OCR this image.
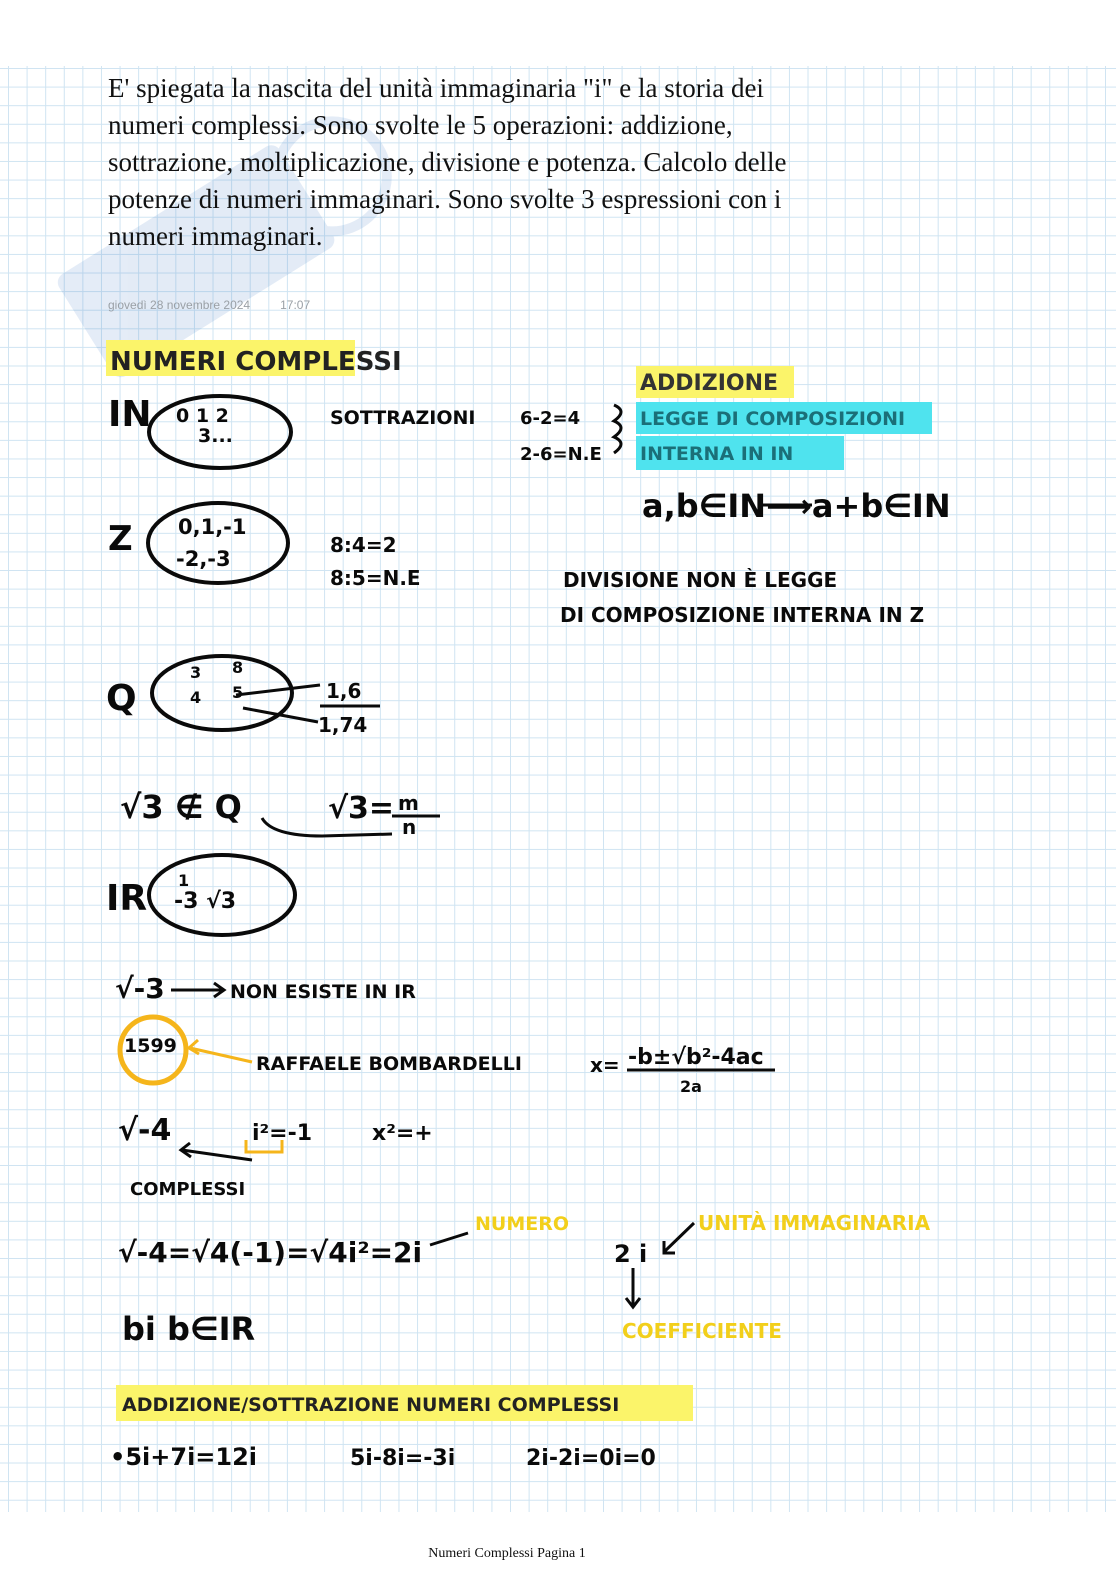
E' spiegata la nascita del unità immaginaria "i" e la storia dei numeri complessi. Sono svolte le 5 operazioni: addizione, sottrazione, moltiplicazione, divisione e potenza. Calcolo delle potenze di numeri immaginari. Sono svolte 3 espressioni con i numeri immaginari.
giovedì 28 novembre 2024	17:07
NUMERI COMPLESSI
IN 0 1 2
3...
SOTTRAZIONI 6-2=4
2-6=N.E
ADDIZIONE
LEGGE DI COMPOSIZIONI
INTERNA IN IN
a,b∈IN⟶a+b∈IN
Z 0,1,-1
-2,-3
8:4=2
8:5=N.E	DIVISIONE NON È LEGGE
DI COMPOSIZIONE INTERNA IN Z
Q
3
4
8
5	1,6
1,74
√3 ∉ Q	√3= m
n
IR 1
-3 √3
√-3	NON ESISTE IN IR
1599
RAFFAELE BOMBARDELLI	x= -b±√b²-4ac
2a
√-4	i²=-1	x²=+
COMPLESSI
√-4=√4(-1)=√4i²=2i
NUMERO
2 i
UNITÀ IMMAGINARIA
COEFFICIENTE
bi b∈IR
ADDIZIONE/SOTTRAZIONE NUMERI COMPLESSI
•5i+7i=12i	5i-8i=-3i	2i-2i=0i=0
Numeri Complessi Pagina 1
